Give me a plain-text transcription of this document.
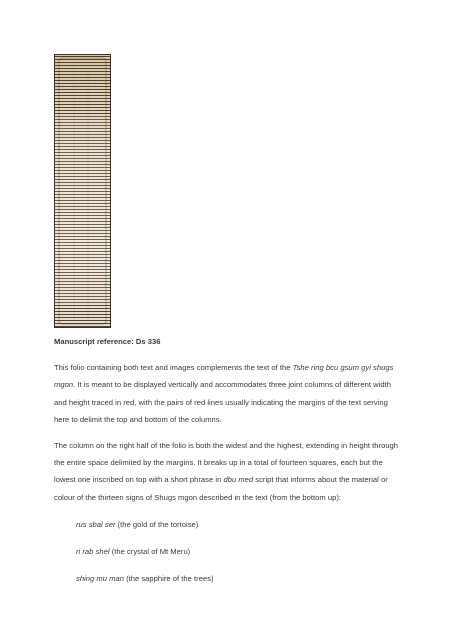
Manuscript reference: Ds 336

This folio containing both text and images complements the text of the Tshe ring bcu gsum gyi shugs mgon. It is meant to be displayed vertically and accommodates three joint columns of different width and height traced in red, with the pairs of red lines usually indicating the margins of the text serving here to delimit the top and bottom of the columns.

The column on the right half of the folio is both the widest and the highest, extending in height through the entire space delimited by the margins. It breaks up in a total of fourteen squares, each but the lowest one inscribed on top with a short phrase in dbu med script that informs about the material or colour of the thirteen signs of Shugs mgon described in the text (from the bottom up):

rus sbal ser (the gold of the tortoise)

ri rab shel (the crystal of Mt Meru)

shing mu man (the sapphire of the trees)
